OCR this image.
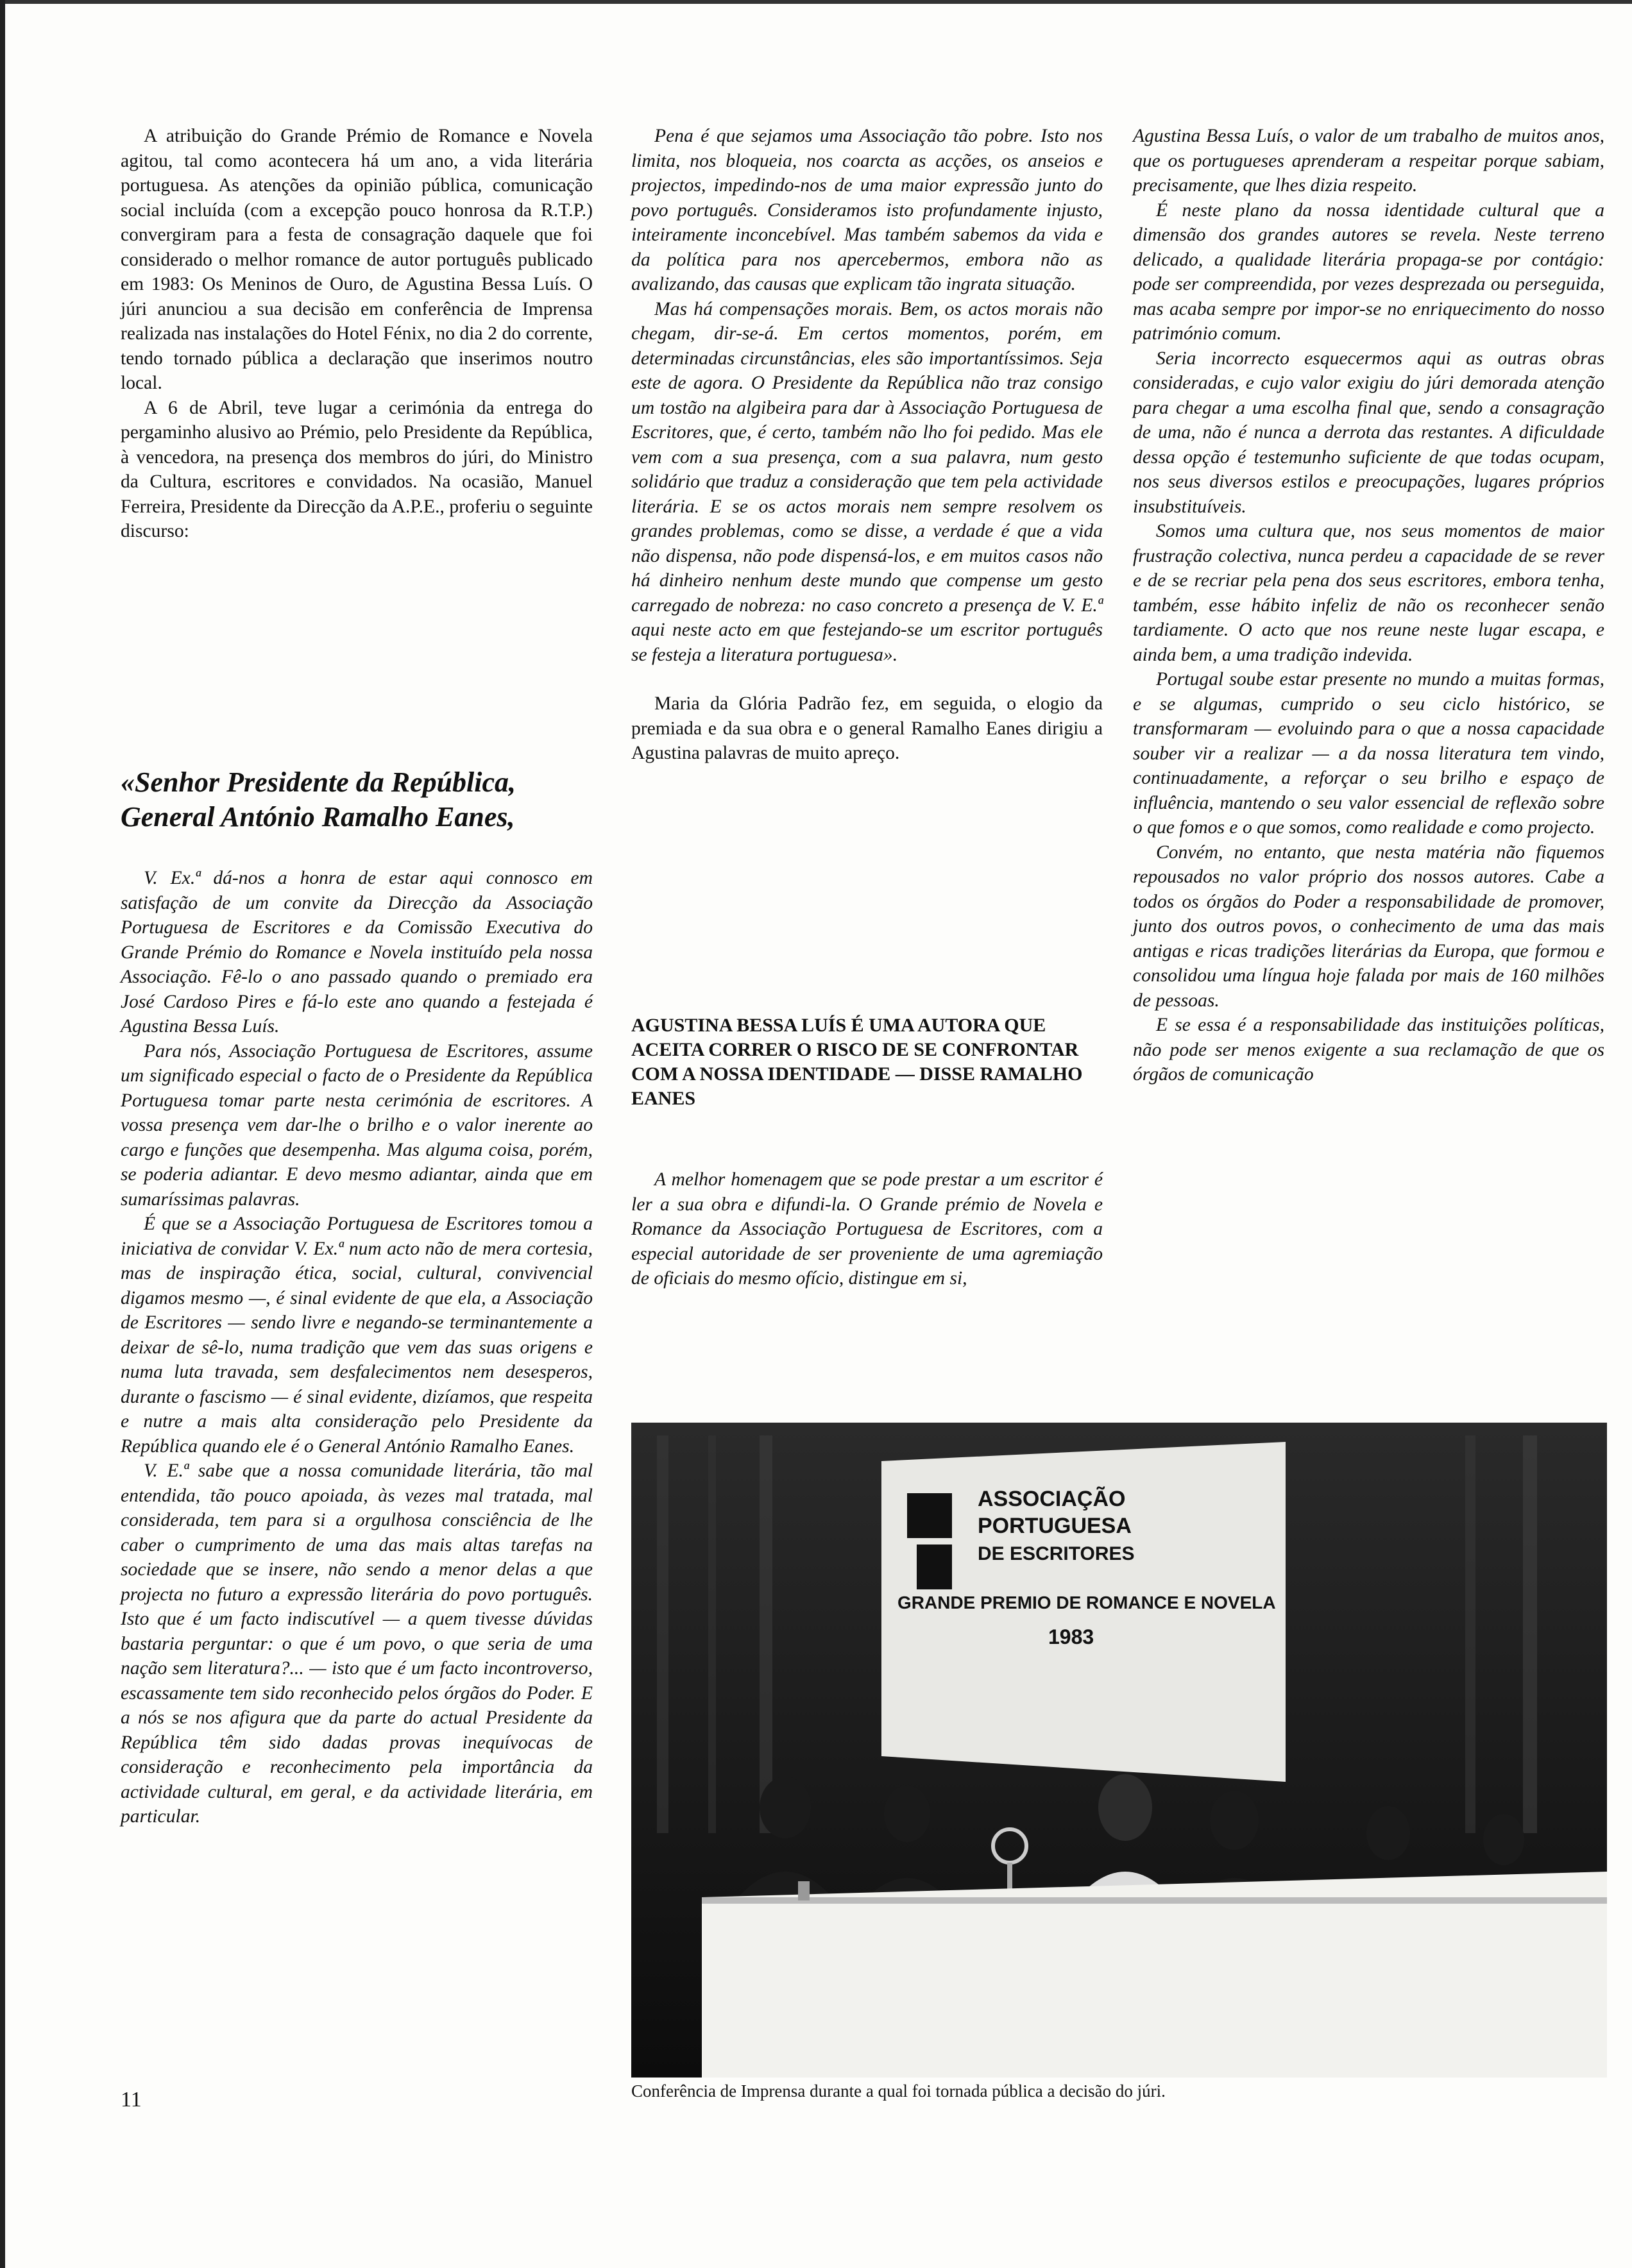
A atribuição do Grande Prémio de Romance e Novela agitou, tal como acontecera há um ano, a vida literária portuguesa. As atenções da opinião pública, comunicação social incluída (com a excepção pouco honrosa da R.T.P.) convergiram para a festa de consagração daquele que foi considerado o melhor romance de autor português publicado em 1983: Os Meninos de Ouro, de Agustina Bessa Luís. O júri anunciou a sua decisão em conferência de Imprensa realizada nas instalações do Hotel Fénix, no dia 2 do corrente, tendo tornado pública a declaração que inserimos noutro local.

A 6 de Abril, teve lugar a cerimónia da entrega do pergaminho alusivo ao Prémio, pelo Presidente da República, à vencedora, na presença dos membros do júri, do Ministro da Cultura, escritores e convidados. Na ocasião, Manuel Ferreira, Presidente da Direcção da A.P.E., proferiu o seguinte discurso:

«Senhor Presidente da República, General António Ramalho Eanes,

V. Ex.ª dá-nos a honra de estar aqui connosco em satisfação de um convite da Direcção da Associação Portuguesa de Escritores e da Comissão Executiva do Grande Prémio do Romance e Novela instituído pela nossa Associação. Fê-lo o ano passado quando o premiado era José Cardoso Pires e fá-lo este ano quando a festejada é Agustina Bessa Luís.

Para nós, Associação Portuguesa de Escritores, assume um significado especial o facto de o Presidente da República Portuguesa tomar parte nesta cerimónia de escritores. A vossa presença vem dar-lhe o brilho e o valor inerente ao cargo e funções que desempenha. Mas alguma coisa, porém, se poderia adiantar. E devo mesmo adiantar, ainda que em sumaríssimas palavras.

É que se a Associação Portuguesa de Escritores tomou a iniciativa de convidar V. Ex.ª num acto não de mera cortesia, mas de inspiração ética, social, cultural, convivencial digamos mesmo —, é sinal evidente de que ela, a Associação de Escritores — sendo livre e negando-se terminantemente a deixar de sê-lo, numa tradição que vem das suas origens e numa luta travada, sem desfalecimentos nem desesperos, durante o fascismo — é sinal evidente, dizíamos, que respeita e nutre a mais alta consideração pelo Presidente da República quando ele é o General António Ramalho Eanes.

V. E.ª sabe que a nossa comunidade literária, tão mal entendida, tão pouco apoiada, às vezes mal tratada, mal considerada, tem para si a orgulhosa consciência de lhe caber o cumprimento de uma das mais altas tarefas na sociedade que se insere, não sendo a menor delas a que projecta no futuro a expressão literária do povo português. Isto que é um facto indiscutível — a quem tivesse dúvidas bastaria perguntar: o que é um povo, o que seria de uma nação sem literatura?... — isto que é um facto incontroverso, escassamente tem sido reconhecido pelos órgãos do Poder. E a nós se nos afigura que da parte do actual Presidente da República têm sido dadas provas inequívocas de consideração e reconhecimento pela importância da actividade cultural, em geral, e da actividade literária, em particular.

Pena é que sejamos uma Associação tão pobre. Isto nos limita, nos bloqueia, nos coarcta as acções, os anseios e projectos, impedindo-nos de uma maior expressão junto do povo português. Consideramos isto profundamente injusto, inteiramente inconcebível. Mas também sabemos da vida e da política para nos apercebermos, embora não as avalizando, das causas que explicam tão ingrata situação.

Mas há compensações morais. Bem, os actos morais não chegam, dir-se-á. Em certos momentos, porém, em determinadas circunstâncias, eles são importantíssimos. Seja este de agora. O Presidente da República não traz consigo um tostão na algibeira para dar à Associação Portuguesa de Escritores, que, é certo, também não lho foi pedido. Mas ele vem com a sua presença, com a sua palavra, num gesto solidário que traduz a consideração que tem pela actividade literária. E se os actos morais nem sempre resolvem os grandes problemas, como se disse, a verdade é que a vida não dispensa, não pode dispensá-los, e em muitos casos não há dinheiro nenhum deste mundo que compense um gesto carregado de nobreza: no caso concreto a presença de V. E.ª aqui neste acto em que festejando-se um escritor português se festeja a literatura portuguesa».

Maria da Glória Padrão fez, em seguida, o elogio da premiada e da sua obra e o general Ramalho Eanes dirigiu a Agustina palavras de muito apreço.

AGUSTINA BESSA LUÍS É UMA AUTORA QUE ACEITA CORRER O RISCO DE SE CONFRONTAR COM A NOSSA IDENTIDADE — DISSE RAMALHO EANES

A melhor homenagem que se pode prestar a um escritor é ler a sua obra e difundi-la. O Grande prémio de Novela e Romance da Associação Portuguesa de Escritores, com a especial autoridade de ser proveniente de uma agremiação de oficiais do mesmo ofício, distingue em si,

Agustina Bessa Luís, o valor de um trabalho de muitos anos, que os portugueses aprenderam a respeitar porque sabiam, precisamente, que lhes dizia respeito.

É neste plano da nossa identidade cultural que a dimensão dos grandes autores se revela. Neste terreno delicado, a qualidade literária propaga-se por contágio: pode ser compreendida, por vezes desprezada ou perseguida, mas acaba sempre por impor-se no enriquecimento do nosso património comum.

Seria incorrecto esquecermos aqui as outras obras consideradas, e cujo valor exigiu do júri demorada atenção para chegar a uma escolha final que, sendo a consagração de uma, não é nunca a derrota das restantes. A dificuldade dessa opção é testemunho suficiente de que todas ocupam, nos seus diversos estilos e preocupações, lugares próprios insubstituíveis.

Somos uma cultura que, nos seus momentos de maior frustração colectiva, nunca perdeu a capacidade de se rever e de se recriar pela pena dos seus escritores, embora tenha, também, esse hábito infeliz de não os reconhecer senão tardiamente. O acto que nos reune neste lugar escapa, e ainda bem, a uma tradição indevida.

Portugal soube estar presente no mundo a muitas formas, e se algumas, cumprido o seu ciclo histórico, se transformaram — evoluindo para o que a nossa capacidade souber vir a realizar — a da nossa literatura tem vindo, continuadamente, a reforçar o seu brilho e espaço de influência, mantendo o seu valor essencial de reflexão sobre o que fomos e o que somos, como realidade e como projecto.

Convém, no entanto, que nesta matéria não fiquemos repousados no valor próprio dos nossos autores. Cabe a todos os órgãos do Poder a responsabilidade de promover, junto dos outros povos, o conhecimento de uma das mais antigas e ricas tradições literárias da Europa, que formou e consolidou uma língua hoje falada por mais de 160 milhões de pessoas.

E se essa é a responsabilidade das instituições políticas, não pode ser menos exigente a sua reclamação de que os órgãos de comunicação

ASSOCIAÇÃO
PORTUGUESA
DE ESCRITORES
GRANDE PREMIO DE ROMANCE E NOVELA
1983
Conferência de Imprensa durante a qual foi tornada pública a decisão do júri.
11
